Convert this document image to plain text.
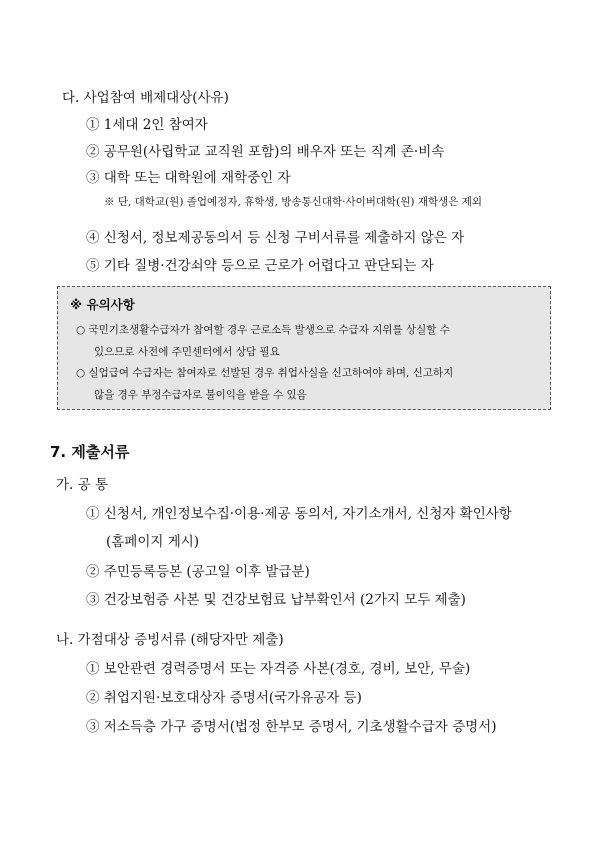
다. 사업참여 배제대상(사유)
① 1세대 2인 참여자
② 공무원(사립학교 교직원 포함)의 배우자 또는 직계 존·비속
③ 대학 또는 대학원에 재학중인 자
※ 단, 대학교(원) 졸업예정자, 휴학생, 방송통신대학·사이버대학(원) 재학생은 제외
④ 신청서, 정보제공동의서 등 신청 구비서류를 제출하지 않은 자
⑤ 기타 질병·건강쇠약 등으로 근로가 어렵다고 판단되는 자
※ 유의사항
○ 국민기초생활수급자가 참여할 경우 근로소득 발생으로 수급자 지위를 상실할 수
있으므로 사전에 주민센터에서 상담 필요
○ 실업급여 수급자는 참여자로 선발된 경우 취업사실을 신고하여야 하며, 신고하지
않을 경우 부정수급자로 불이익을 받을 수 있음
7. 제출서류
가. 공 통
① 신청서, 개인정보수집·이용·제공 동의서, 자기소개서, 신청자 확인사항
(홈페이지 게시)
② 주민등록등본 (공고일 이후 발급분)
③ 건강보험증 사본 및 건강보험료 납부확인서 (2가지 모두 제출)
나. 가점대상 증빙서류 (해당자만 제출)
① 보안관련 경력증명서 또는 자격증 사본(경호, 경비, 보안, 무술)
② 취업지원·보호대상자 증명서(국가유공자 등)
③ 저소득층 가구 증명서(법정 한부모 증명서, 기초생활수급자 증명서)
